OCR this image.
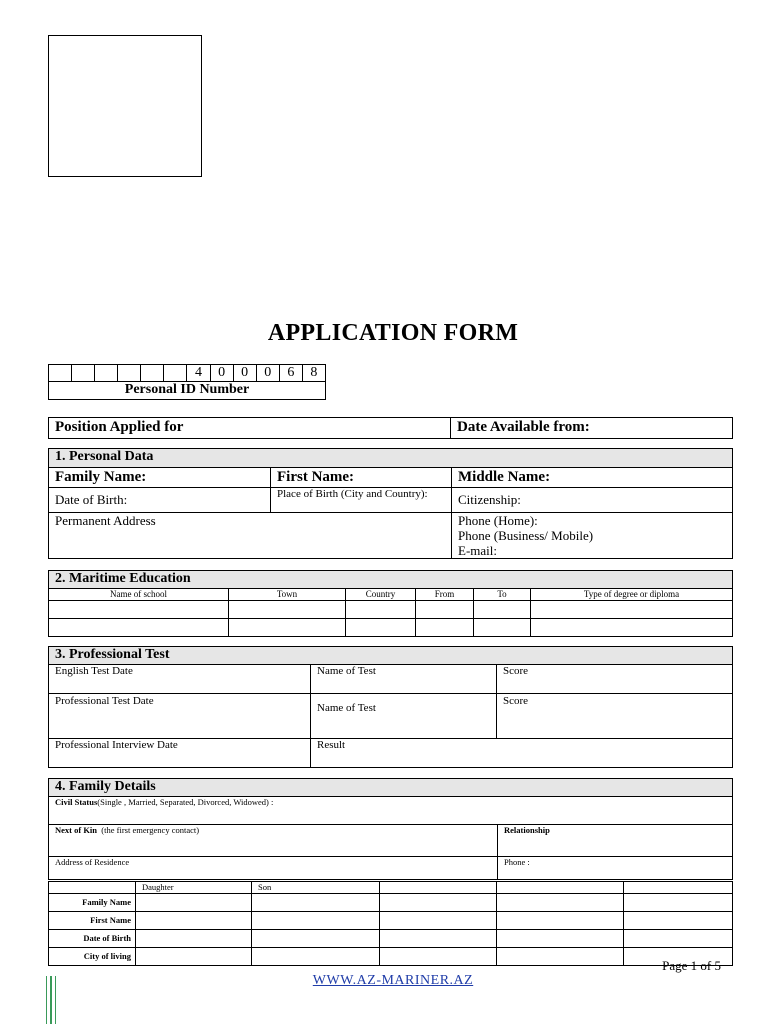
APPLICATION FORM
4	0	0	0	6	8
Personal ID Number
Position Applied for	Date Available from:
1. Personal Data		
Family Name:	First Name:	Middle Name:
Date of Birth:	Place of Birth (City and Country):	Citizenship:
Permanent Address		Phone (Home):
Phone (Business/ Mobile)
E-mail:
2. Maritime Education					
Name of school	Town	Country	From	To	Type of degree or diploma

3. Professional Test		
English Test Date	Name of Test	Score
Professional Test Date	Name of Test	Score
Professional Interview Date	Result	
4. Family Details	
Civil Status(Single , Married, Separated, Divorced, Widowed) :	
Next of Kin (the first emergency contact)	Relationship
Address of Residence	Phone :
	Daughter	Son			
Family Name					
First Name					
Date of Birth					
City of living					
Page 1 of 5
WWW.AZ-MARINER.AZ
